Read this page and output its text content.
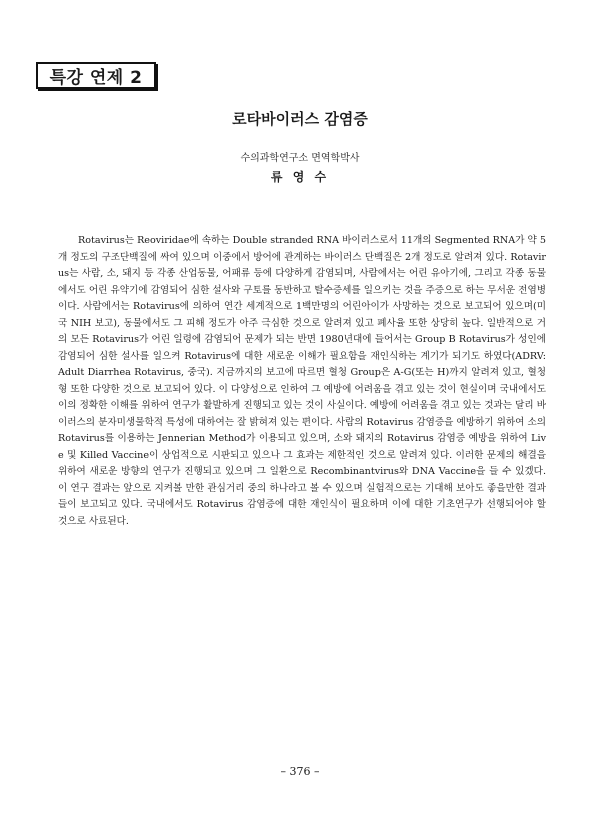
특강 연제 2
로타바이러스 감염증
수의과학연구소 면역학박사
류 영 수

Rotavirus는 Reoviridae에 속하는 Double stranded RNA 바이러스로서 11개의 Segmented RNA가 약 5개 정도의 구조단백질에 싸여 있으며 이중에서 방어에 관계하는 바이러스 단백질은 2개 정도로 알려져 있다. Rotavirus는 사람, 소, 돼지 등 각종 산업동물, 어패류 등에 다양하게 감염되며, 사람에서는 어린 유아기에, 그리고 각종 동물에서도 어린 유약기에 감염되어 심한 설사와 구토를 동반하고 탈수증세를 일으키는 것을 주증으로 하는 무서운 전염병이다. 사람에서는 Rotavirus에 의하여 연간 세계적으로 1백만명의 어린아이가 사망하는 것으로 보고되어 있으며(미국 NIH 보고), 동물에서도 그 피해 정도가 아주 극심한 것으로 알려져 있고 폐사율 또한 상당히 높다. 일반적으로 거의 모든 Rotavirus가 어린 일령에 감염되어 문제가 되는 반면 1980년대에 들어서는 Group B Rotavirus가 성인에 감염되어 심한 설사를 일으켜 Rotavirus에 대한 새로운 이해가 필요함을 재인식하는 계기가 되기도 하였다(ADRV: Adult Diarrhea Rotavirus, 중국). 지금까지의 보고에 따르면 혈청 Group은 A-G(또는 H)까지 알려져 있고, 혈청형 또한 다양한 것으로 보고되어 있다. 이 다양성으로 인하여 그 예방에 어려움을 겪고 있는 것이 현실이며 국내에서도 이의 정확한 이해를 위하여 연구가 활발하게 진행되고 있는 것이 사실이다. 예방에 어려움을 겪고 있는 것과는 달리 바이러스의 분자미생물학적 특성에 대하여는 잘 밝혀져 있는 편이다. 사람의 Rotavirus 감염증을 예방하기 위하여 소의 Rotavirus를 이용하는 Jennerian Method가 이용되고 있으며, 소와 돼지의 Rotavirus 감염증 예방을 위하여 Live 및 Killed Vaccine이 상업적으로 시판되고 있으나 그 효과는 제한적인 것으로 알려져 있다. 이러한 문제의 해결을 위하여 새로운 방향의 연구가 진행되고 있으며 그 일환으로 Recombinantvirus와 DNA Vaccine을 들 수 있겠다. 이 연구 결과는 앞으로 지켜볼 만한 관심거리 중의 하나라고 볼 수 있으며 실험적으로는 기대해 보아도 좋을만한 결과들이 보고되고 있다. 국내에서도 Rotavirus 감염증에 대한 재인식이 필요하며 이에 대한 기초연구가 선행되어야 할 것으로 사료된다.

– 376 –
